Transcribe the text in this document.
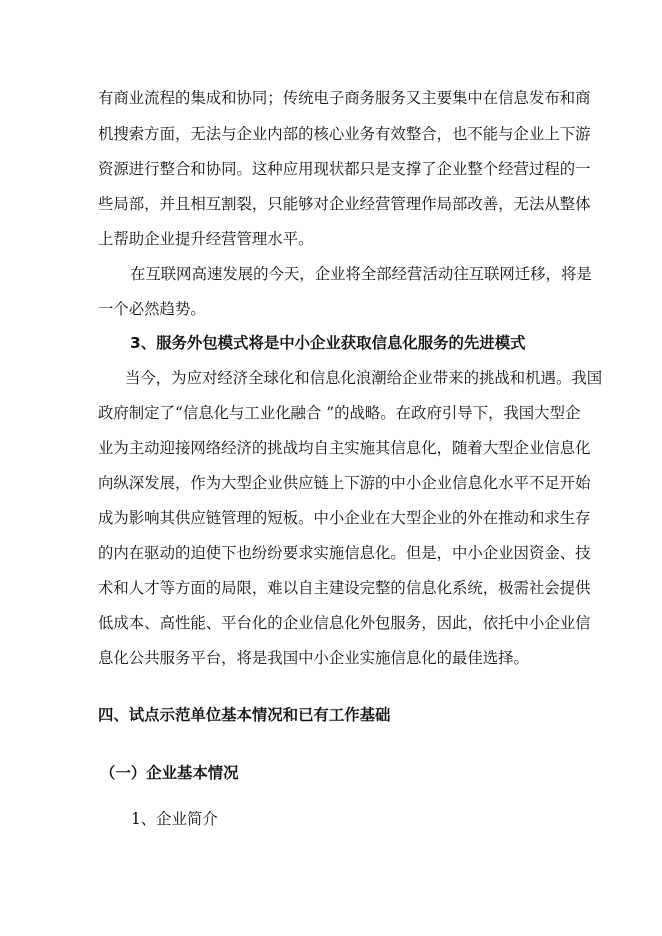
有商业流程的集成和协同；传统电子商务服务又主要集中在信息发布和商
机搜索方面，无法与企业内部的核心业务有效整合，也不能与企业上下游
资源进行整合和协同。这种应用现状都只是支撑了企业整个经营过程的一
些局部，并且相互割裂，只能够对企业经营管理作局部改善，无法从整体
上帮助企业提升经营管理水平。
在互联网高速发展的今天，企业将全部经营活动往互联网迁移，将是
一个必然趋势。
3、服务外包模式将是中小企业获取信息化服务的先进模式
当今，为应对经济全球化和信息化浪潮给企业带来的挑战和机遇。我国
政府制定了“信息化与工业化融合 ”的战略。在政府引导下，我国大型企
业为主动迎接网络经济的挑战均自主实施其信息化，随着大型企业信息化
向纵深发展，作为大型企业供应链上下游的中小企业信息化水平不足开始
成为影响其供应链管理的短板。中小企业在大型企业的外在推动和求生存
的内在驱动的迫使下也纷纷要求实施信息化。但是，中小企业因资金、技
术和人才等方面的局限，难以自主建设完整的信息化系统，极需社会提供
低成本、高性能、平台化的企业信息化外包服务，因此，依托中小企业信
息化公共服务平台，将是我国中小企业实施信息化的最佳选择。
四、试点示范单位基本情况和已有工作基础
（一）企业基本情况
1、企业简介
